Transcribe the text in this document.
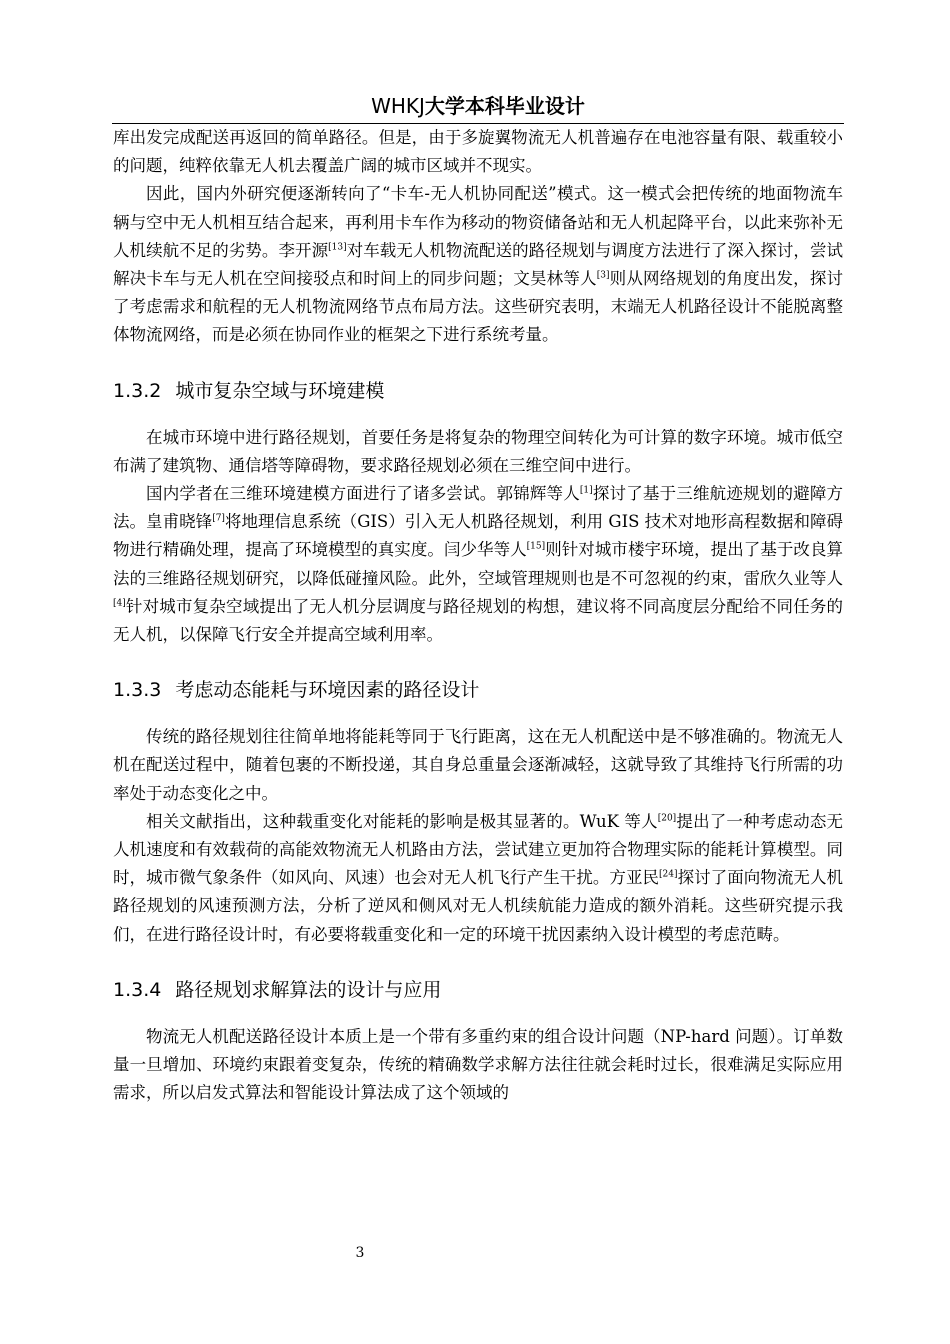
WHKJ大学本科毕业设计

库出发完成配送再返回的简单路径。但是，由于多旋翼物流无人机普遍存在电池容量有限、载重较小的问题，纯粹依靠无人机去覆盖广阔的城市区域并不现实。

因此，国内外研究便逐渐转向了“卡车-无人机协同配送”模式。这一模式会把传统的地面物流车辆与空中无人机相互结合起来，再利用卡车作为移动的物资储备站和无人机起降平台，以此来弥补无人机续航不足的劣势。李开源[13]对车载无人机物流配送的路径规划与调度方法进行了深入探讨，尝试解决卡车与无人机在空间接驳点和时间上的同步问题；文昊林等人[3]则从网络规划的角度出发，探讨了考虑需求和航程的无人机物流网络节点布局方法。这些研究表明，末端无人机路径设计不能脱离整体物流网络，而是必须在协同作业的框架之下进行系统考量。

1.3.2 城市复杂空域与环境建模

在城市环境中进行路径规划，首要任务是将复杂的物理空间转化为可计算的数字环境。城市低空布满了建筑物、通信塔等障碍物，要求路径规划必须在三维空间中进行。

国内学者在三维环境建模方面进行了诸多尝试。郭锦辉等人[1]探讨了基于三维航迹规划的避障方法。皇甫晓锋[7]将地理信息系统（GIS）引入无人机路径规划，利用 GIS 技术对地形高程数据和障碍物进行精确处理，提高了环境模型的真实度。闫少华等人[15]则针对城市楼宇环境，提出了基于改良算法的三维路径规划研究，以降低碰撞风险。此外，空域管理规则也是不可忽视的约束，雷欣久业等人[4]针对城市复杂空域提出了无人机分层调度与路径规划的构想，建议将不同高度层分配给不同任务的无人机，以保障飞行安全并提高空域利用率。

1.3.3 考虑动态能耗与环境因素的路径设计

传统的路径规划往往简单地将能耗等同于飞行距离，这在无人机配送中是不够准确的。物流无人机在配送过程中，随着包裹的不断投递，其自身总重量会逐渐减轻，这就导致了其维持飞行所需的功率处于动态变化之中。

相关文献指出，这种载重变化对能耗的影响是极其显著的。WuK 等人[20]提出了一种考虑动态无人机速度和有效载荷的高能效物流无人机路由方法，尝试建立更加符合物理实际的能耗计算模型。同时，城市微气象条件（如风向、风速）也会对无人机飞行产生干扰。方亚民[24]探讨了面向物流无人机路径规划的风速预测方法，分析了逆风和侧风对无人机续航能力造成的额外消耗。这些研究提示我们，在进行路径设计时，有必要将载重变化和一定的环境干扰因素纳入设计模型的考虑范畴。

1.3.4 路径规划求解算法的设计与应用

物流无人机配送路径设计本质上是一个带有多重约束的组合设计问题（NP-hard 问题）。订单数量一旦增加、环境约束跟着变复杂，传统的精确数学求解方法往往就会耗时过长，很难满足实际应用需求，所以启发式算法和智能设计算法成了这个领域的

3
